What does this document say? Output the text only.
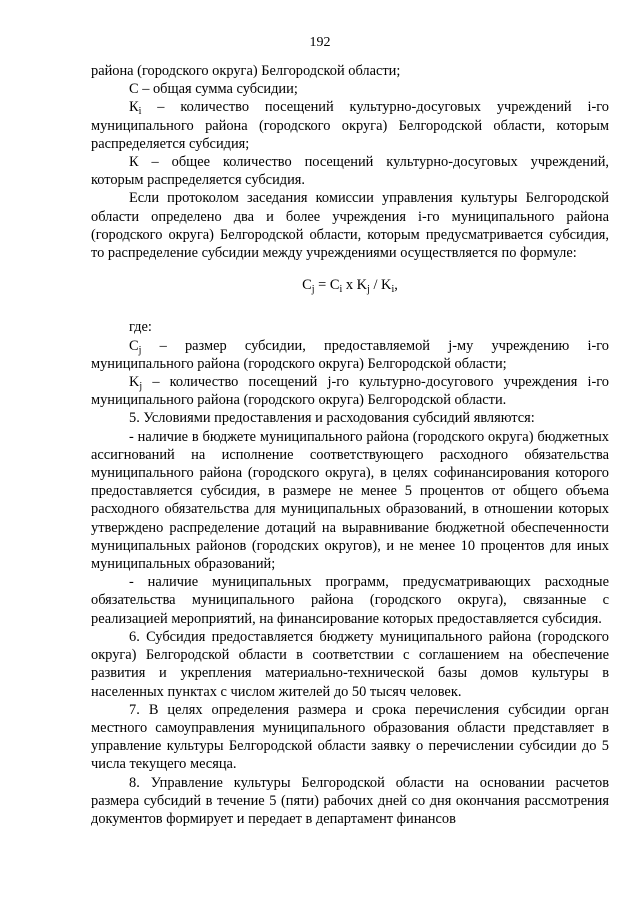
192

района (городского округа) Белгородской области;

С – общая сумма субсидии;

$К_i$ – количество посещений культурно-досуговых учреждений i-го муниципального района (городского округа) Белгородской области, которым распределяется субсидия;

К – общее количество посещений культурно-досуговых учреждений, которым распределяется субсидия.

Если протоколом заседания комиссии управления культуры Белгородской области определено два и более учреждения i-го муниципального района (городского округа) Белгородской области, которым предусматривается субсидия, то распределение субсидии между учреждениями осуществляется по формуле:

$C_j = C_i$ x $K_j / K_i$,

где:

$C_j$ – размер субсидии, предоставляемой j-му учреждению i-го муниципального района (городского округа) Белгородской области;

$K_j$ – количество посещений j-го культурно-досугового учреждения i-го муниципального района (городского округа) Белгородской области.

5. Условиями предоставления и расходования субсидий являются:

- наличие в бюджете муниципального района (городского округа) бюджетных ассигнований на исполнение соответствующего расходного обязательства муниципального района (городского округа), в целях софинансирования которого предоставляется субсидия, в размере не менее 5 процентов от общего объема расходного обязательства для муниципальных образований, в отношении которых утверждено распределение дотаций на выравнивание бюджетной обеспеченности муниципальных районов (городских округов), и не менее 10 процентов для иных муниципальных образований;

- наличие муниципальных программ, предусматривающих расходные обязательства муниципального района (городского округа), связанные с реализацией мероприятий, на финансирование которых предоставляется субсидия.

6. Субсидия предоставляется бюджету муниципального района (городского округа) Белгородской области в соответствии с соглашением на обеспечение развития и укрепления материально-технической базы домов культуры в населенных пунктах с числом жителей до 50 тысяч человек.

7. В целях определения размера и срока перечисления субсидии орган местного самоуправления муниципального образования области представляет в управление культуры Белгородской области заявку о перечислении субсидии до 5 числа текущего месяца.

8. Управление культуры Белгородской области на основании расчетов размера субсидий в течение 5 (пяти) рабочих дней со дня окончания рассмотрения документов формирует и передает в департамент финансов
